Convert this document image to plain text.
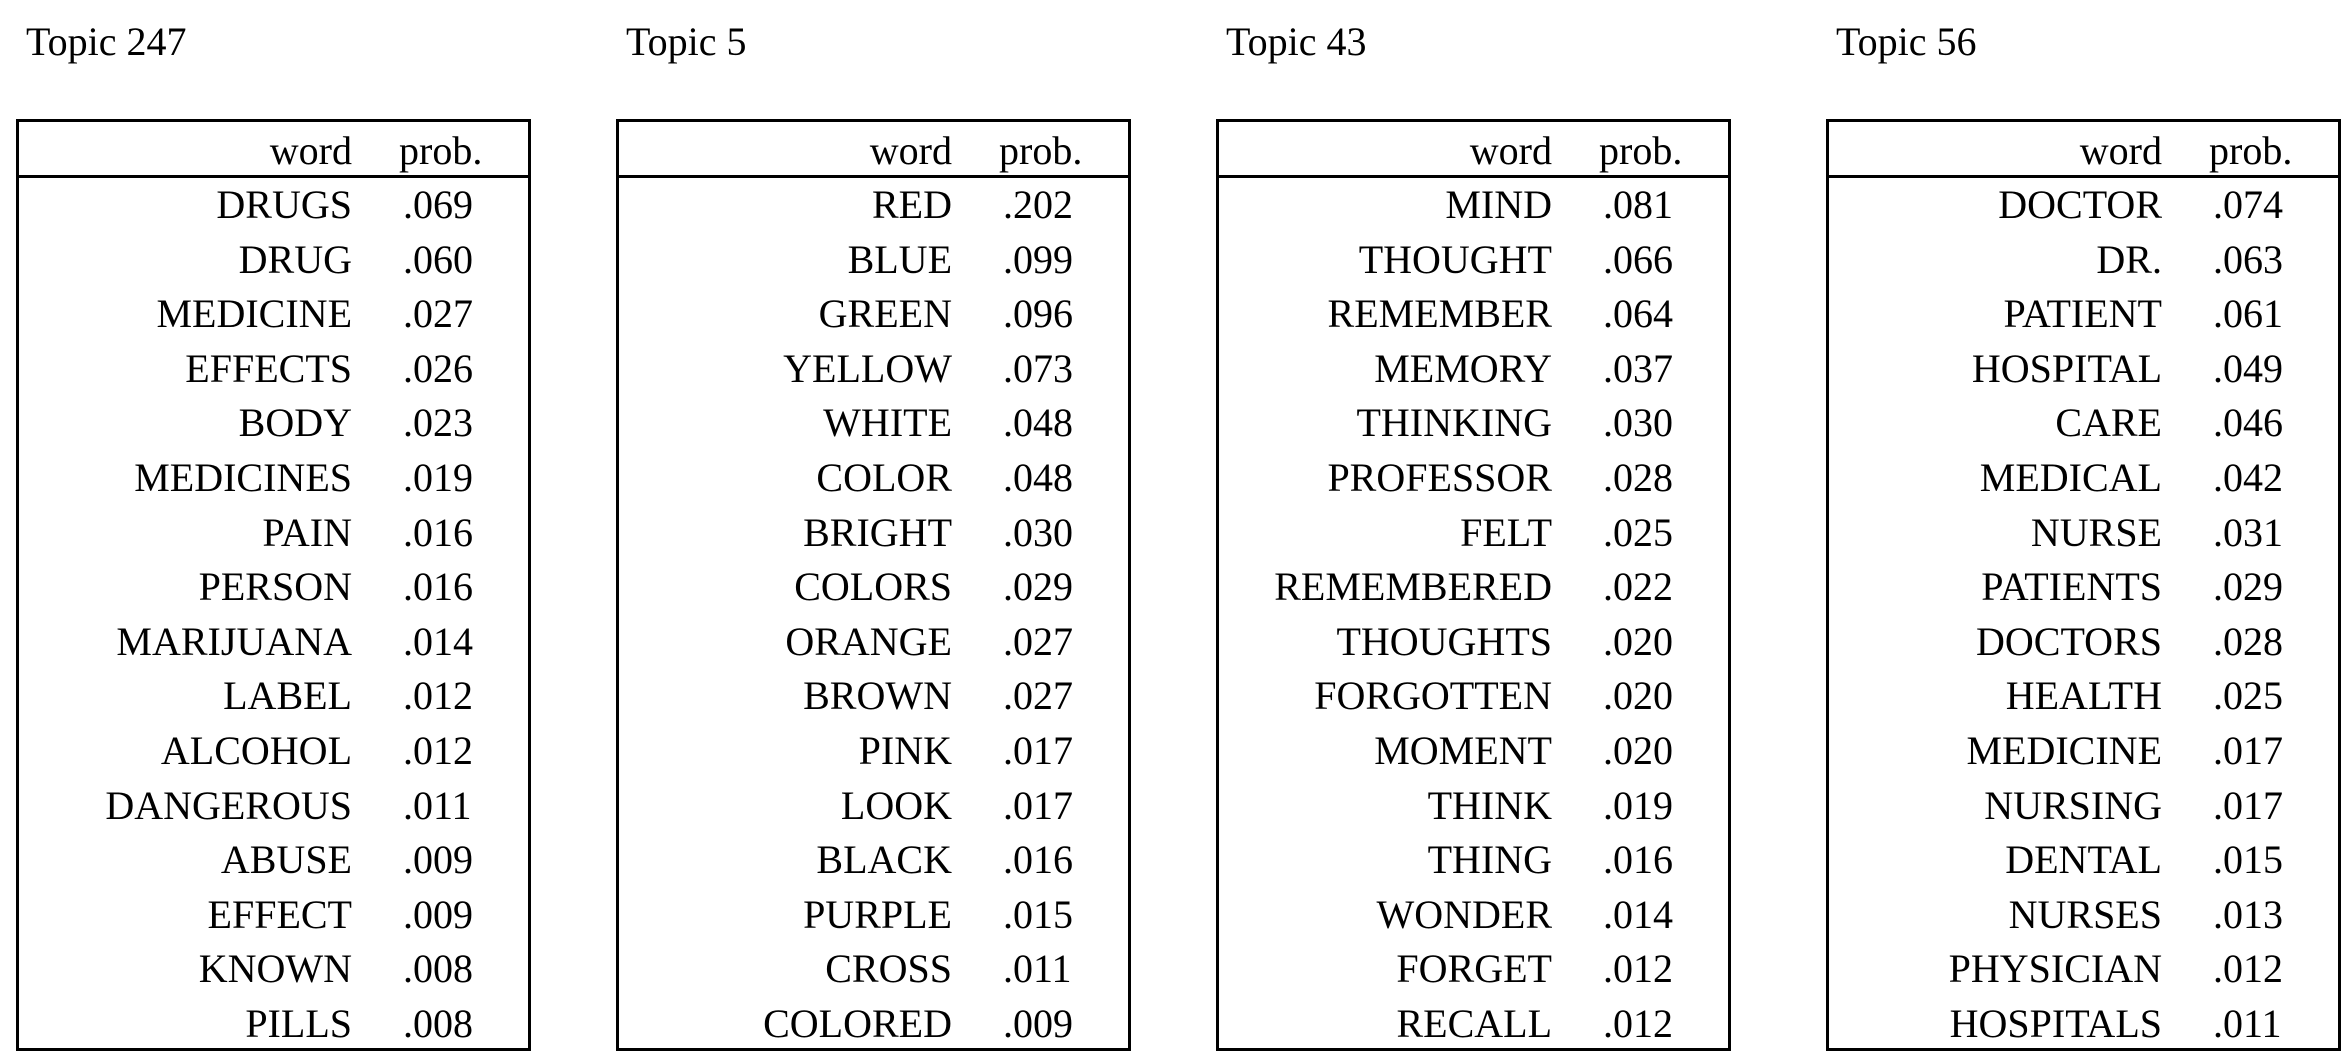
Topic 247
word prob.
DRUGS .069
DRUG .060
MEDICINE .027
EFFECTS .026
BODY .023
MEDICINES .019
PAIN .016
PERSON .016
MARIJUANA .014
LABEL .012
ALCOHOL .012
DANGEROUS .011
ABUSE .009
EFFECT .009
KNOWN .008
PILLS .008
Topic 5
word prob.
RED .202
BLUE .099
GREEN .096
YELLOW .073
WHITE .048
COLOR .048
BRIGHT .030
COLORS .029
ORANGE .027
BROWN .027
PINK .017
LOOK .017
BLACK .016
PURPLE .015
CROSS .011
COLORED .009
Topic 43
word prob.
MIND .081
THOUGHT .066
REMEMBER .064
MEMORY .037
THINKING .030
PROFESSOR .028
FELT .025
REMEMBERED .022
THOUGHTS .020
FORGOTTEN .020
MOMENT .020
THINK .019
THING .016
WONDER .014
FORGET .012
RECALL .012
Topic 56
word prob.
DOCTOR .074
DR. .063
PATIENT .061
HOSPITAL .049
CARE .046
MEDICAL .042
NURSE .031
PATIENTS .029
DOCTORS .028
HEALTH .025
MEDICINE .017
NURSING .017
DENTAL .015
NURSES .013
PHYSICIAN .012
HOSPITALS .011
